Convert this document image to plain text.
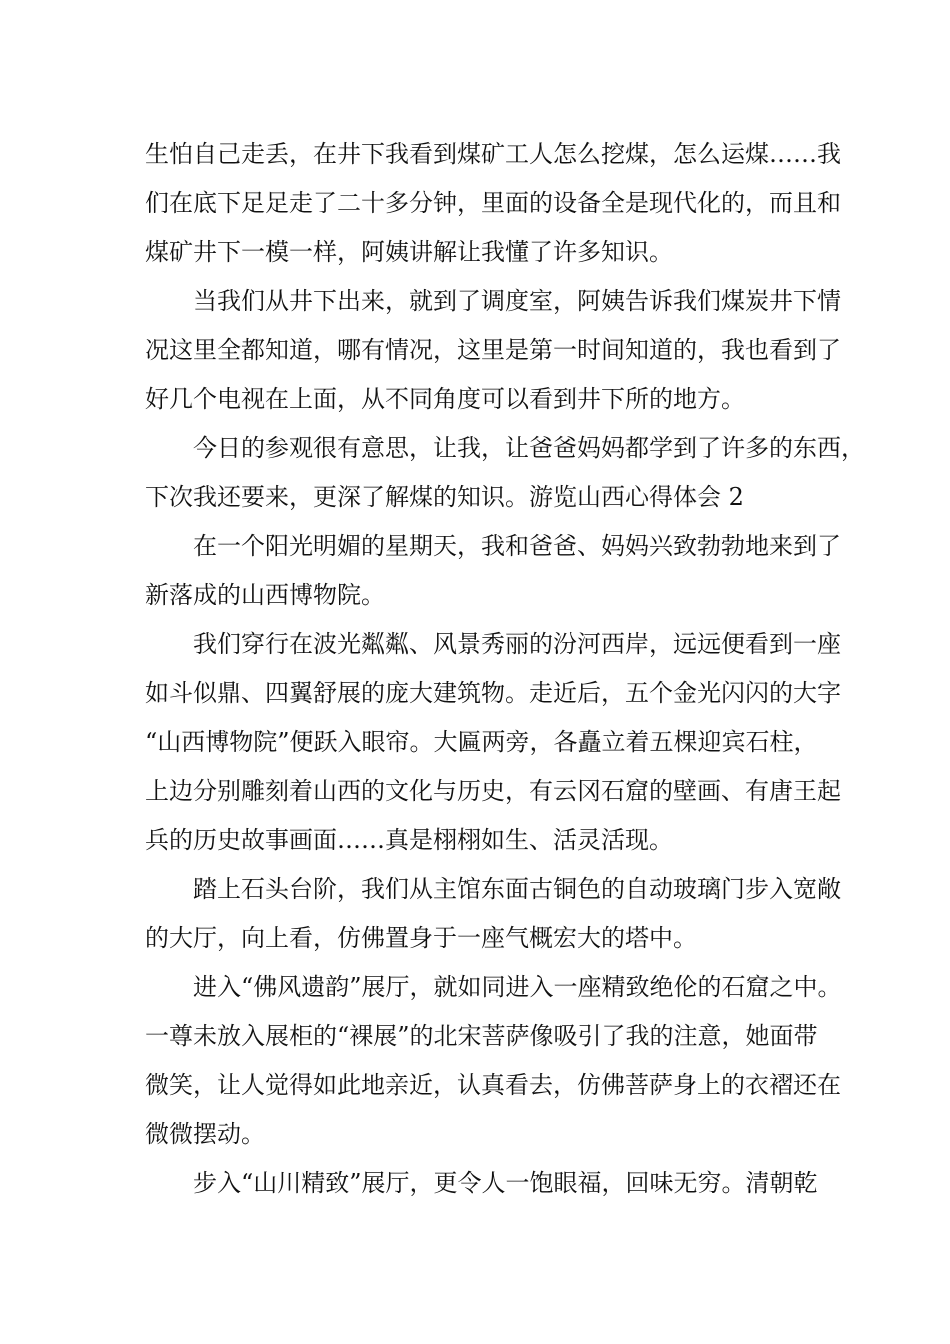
生怕自己走丢，在井下我看到煤矿工人怎么挖煤，怎么运煤……我
们在底下足足走了二十多分钟，里面的设备全是现代化的，而且和
煤矿井下一模一样，阿姨讲解让我懂了许多知识。
当我们从井下出来，就到了调度室，阿姨告诉我们煤炭井下情
况这里全都知道，哪有情况，这里是第一时间知道的，我也看到了
好几个电视在上面，从不同角度可以看到井下所的地方。
今日的参观很有意思，让我，让爸爸妈妈都学到了许多的东西，
下次我还要来，更深了解煤的知识。游览山西心得体会 2
在一个阳光明媚的星期天，我和爸爸、妈妈兴致勃勃地来到了
新落成的山西博物院。
我们穿行在波光粼粼、风景秀丽的汾河西岸，远远便看到一座
如斗似鼎、四翼舒展的庞大建筑物。走近后，五个金光闪闪的大字
“山西博物院”便跃入眼帘。大匾两旁，各矗立着五棵迎宾石柱，
上边分别雕刻着山西的文化与历史，有云冈石窟的壁画、有唐王起
兵的历史故事画面……真是栩栩如生、活灵活现。
踏上石头台阶，我们从主馆东面古铜色的自动玻璃门步入宽敞
的大厅，向上看，仿佛置身于一座气概宏大的塔中。
进入“佛风遗韵”展厅，就如同进入一座精致绝伦的石窟之中。
一尊未放入展柜的“裸展”的北宋菩萨像吸引了我的注意，她面带
微笑，让人觉得如此地亲近，认真看去，仿佛菩萨身上的衣褶还在
微微摆动。
步入“山川精致”展厅，更令人一饱眼福，回味无穷。清朝乾
